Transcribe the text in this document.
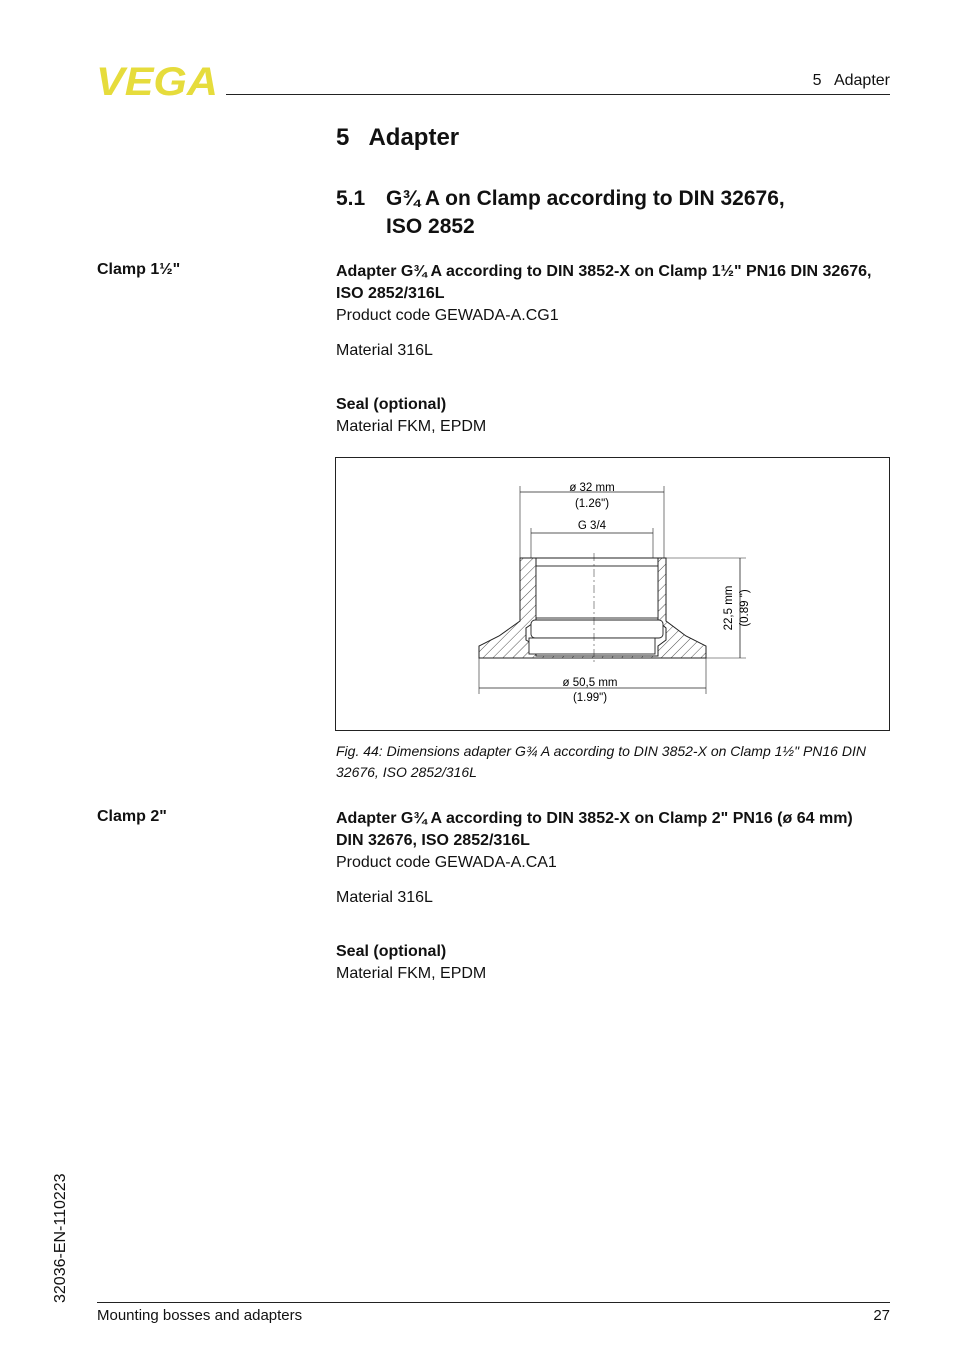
VEGA	5   Adapter
5   Adapter
5.1 G¾ A on Clamp according to DIN 32676,
ISO 2852
Clamp 1½"	Adapter G¾ A according to DIN 3852-X on Clamp 1½" PN16 DIN 32676, ISO 2852/316L
Product code GEWADA-A.CG1
Material 316L
Seal (optional)
Material FKM, EPDM
ø 32 mm
(1.26")
G 3/4
22,5 mm (0.89 ")
ø 50,5 mm
(1.99")
Fig. 44: Dimensions adapter G¾ A according to DIN 3852-X on Clamp 1½" PN16 DIN 32676, ISO 2852/316L
Clamp 2"	Adapter G¾ A according to DIN 3852-X on Clamp 2" PN16 (ø 64 mm) DIN 32676, ISO 2852/316L
Product code GEWADA-A.CA1
Material 316L
Seal (optional)
Material FKM, EPDM
32036-EN-110223
Mounting bosses and adapters	27
